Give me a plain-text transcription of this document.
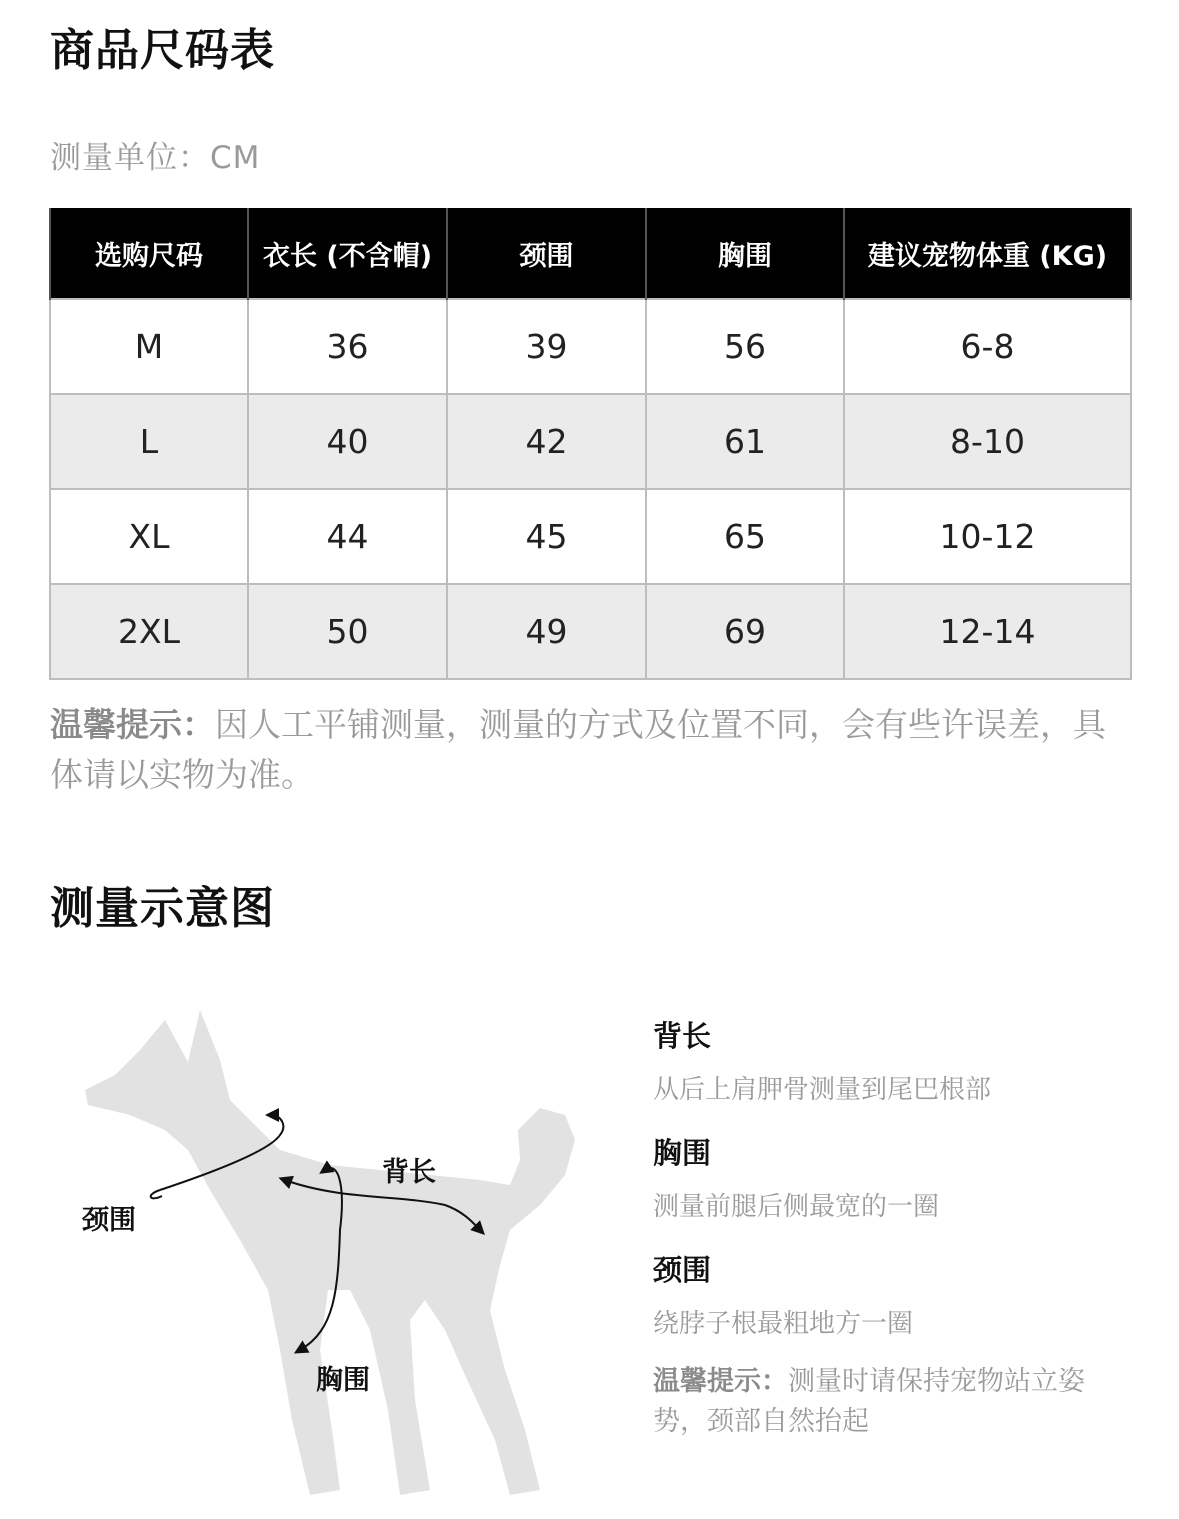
商品尺码表
测量单位：CM
选购尺码	衣长 (不含帽)	颈围	胸围	建议宠物体重 (KG)
M	36	39	56	6-8
L	40	42	61	8-10
XL	44	45	65	10-12
2XL	50	49	69	12-14
温馨提示：因人工平铺测量，测量的方式及位置不同，会有些许误差，具体请以实物为准。
测量示意图
颈围
背长
胸围
背长
从后上肩胛骨测量到尾巴根部
胸围
测量前腿后侧最宽的一圈
颈围
绕脖子根最粗地方一圈
温馨提示：测量时请保持宠物站立姿势，颈部自然抬起
